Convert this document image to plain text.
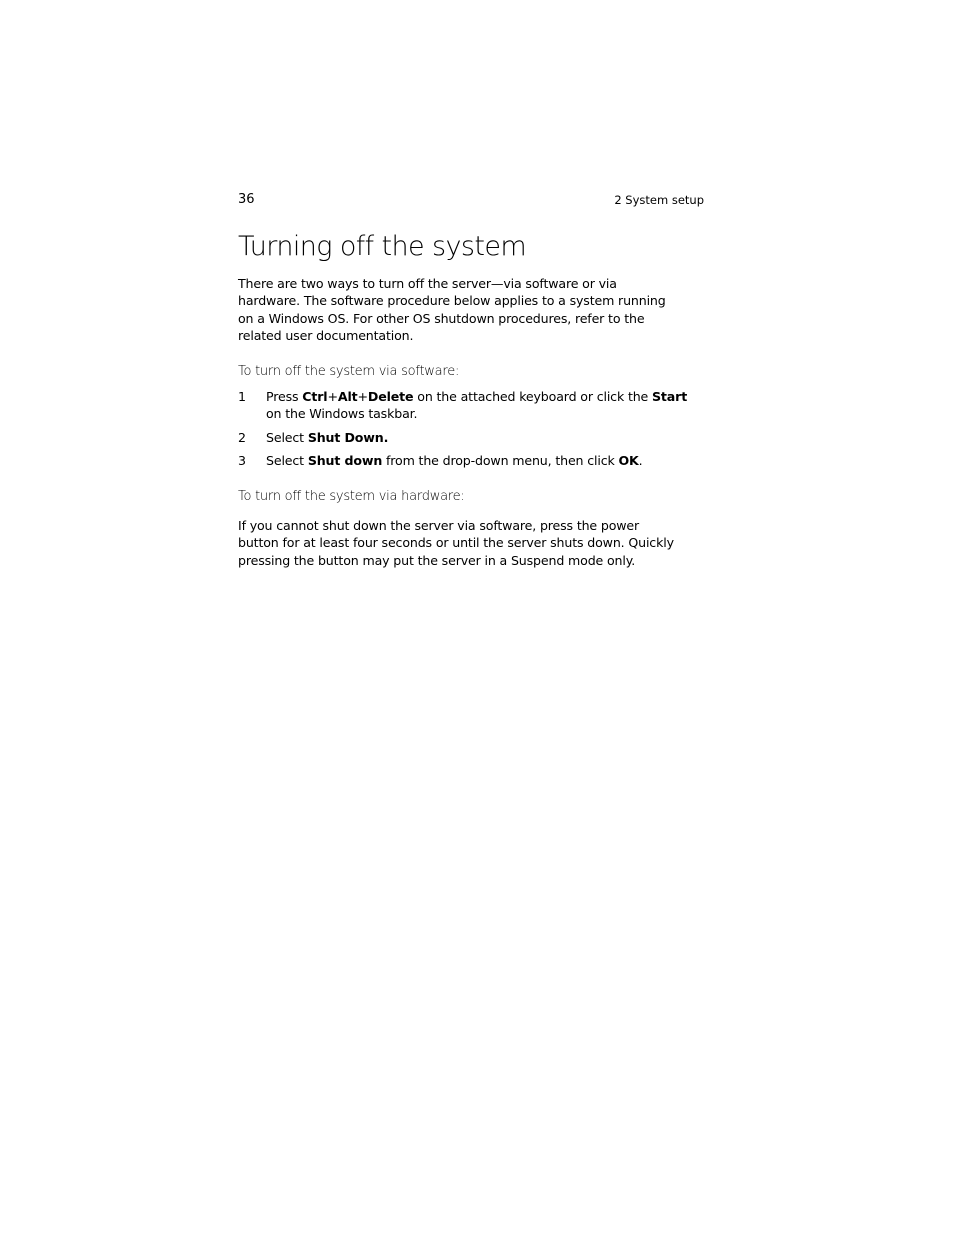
36	2 System setup
Turning off the system

There are two ways to turn off the server—via software or via
hardware. The software procedure below applies to a system running
on a Windows OS. For other OS shutdown procedures, refer to the
related user documentation.

To turn off the system via software:
1 Press Ctrl+Alt+Delete on the attached keyboard or click the Start
on the Windows taskbar.
2 Select Shut Down.
3 Select Shut down from the drop-down menu, then click OK.
To turn off the system via hardware:

If you cannot shut down the server via software, press the power
button for at least four seconds or until the server shuts down. Quickly
pressing the button may put the server in a Suspend mode only.
